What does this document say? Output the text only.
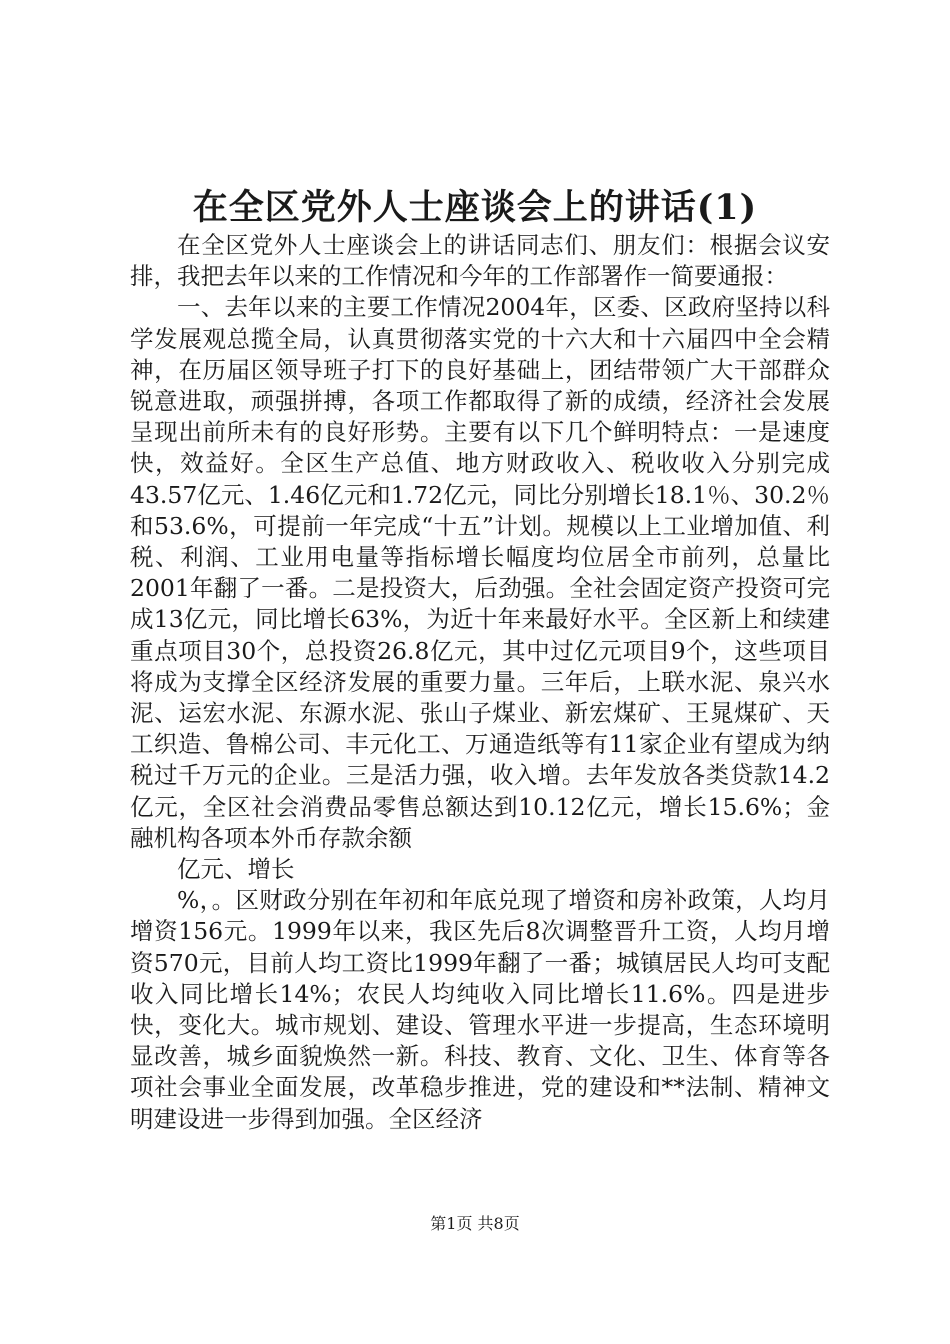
在全区党外人士座谈会上的讲话(1)

在全区党外人士座谈会上的讲话同志们、朋友们：根据会议安排，我把去年以来的工作情况和今年的工作部署作一简要通报：

一、去年以来的主要工作情况2004年，区委、区政府坚持以科学发展观总揽全局，认真贯彻落实党的十六大和十六届四中全会精神，在历届区领导班子打下的良好基础上，团结带领广大干部群众锐意进取，顽强拼搏，各项工作都取得了新的成绩，经济社会发展呈现出前所未有的良好形势。主要有以下几个鲜明特点：一是速度快，效益好。全区生产总值、地方财政收入、税收收入分别完成43.57亿元、1.46亿元和1.72亿元，同比分别增长18.1％、30.2％和53.6%，可提前一年完成“十五”计划。规模以上工业增加值、利税、利润、工业用电量等指标增长幅度均位居全市前列，总量比2001年翻了一番。二是投资大，后劲强。全社会固定资产投资可完成13亿元，同比增长63%，为近十年来最好水平。全区新上和续建重点项目30个，总投资26.8亿元，其中过亿元项目9个，这些项目将成为支撑全区经济发展的重要力量。三年后，上联水泥、泉兴水泥、运宏水泥、东源水泥、张山子煤业、新宏煤矿、王晁煤矿、天工织造、鲁棉公司、丰元化工、万通造纸等有11家企业有望成为纳税过千万元的企业。三是活力强，收入增。去年发放各类贷款14.2亿元，全区社会消费品零售总额达到10.12亿元，增长15.6%；金融机构各项本外币存款余额

亿元、增长

%，。区财政分别在年初和年底兑现了增资和房补政策，人均月增资156元。1999年以来，我区先后8次调整晋升工资，人均月增资570元，目前人均工资比1999年翻了一番；城镇居民人均可支配收入同比增长14%；农民人均纯收入同比增长11.6%。四是进步快，变化大。城市规划、建设、管理水平进一步提高，生态环境明显改善，城乡面貌焕然一新。科技、教育、文化、卫生、体育等各项社会事业全面发展，改革稳步推进，党的建设和**法制、精神文明建设进一步得到加强。全区经济

第1页 共8页
